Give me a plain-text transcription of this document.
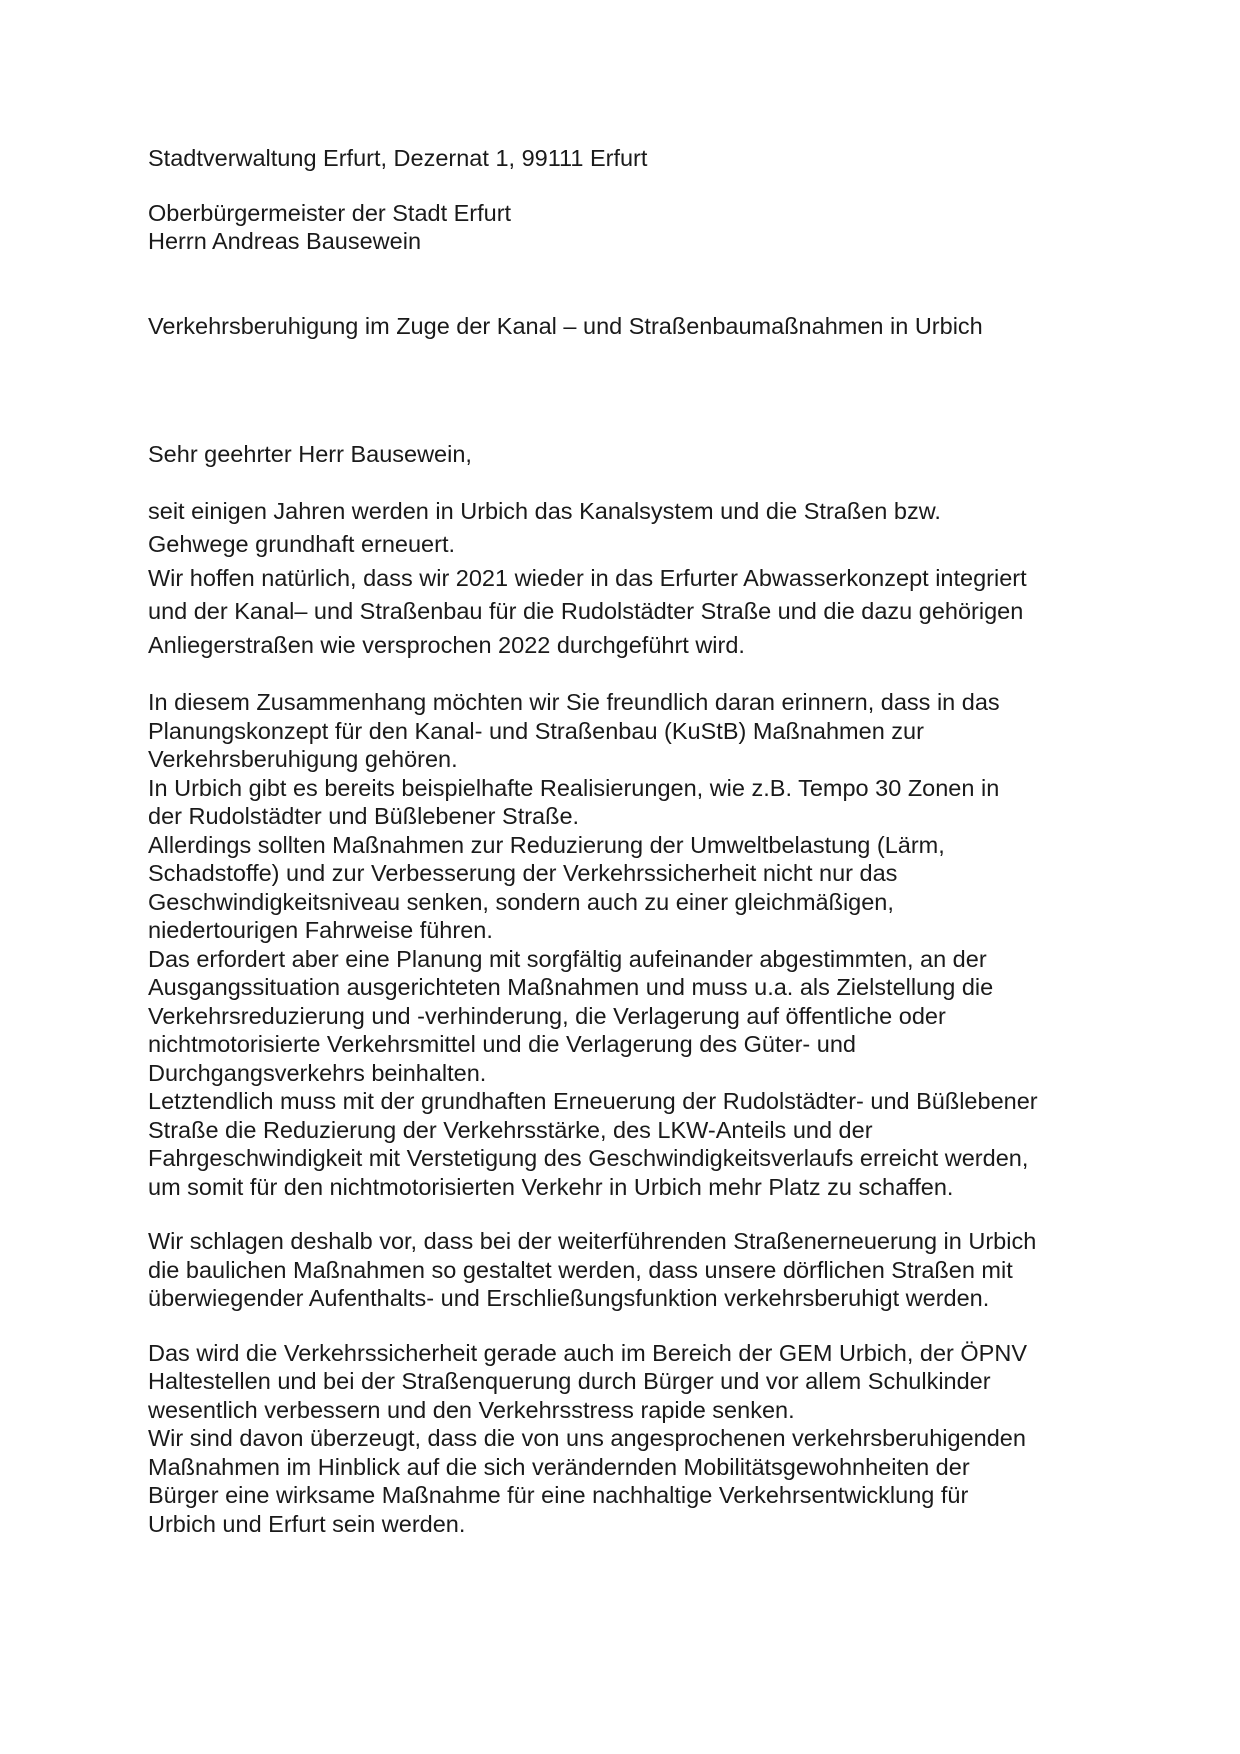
Stadtverwaltung Erfurt, Dezernat 1, 99111 Erfurt
Oberbürgermeister der Stadt Erfurt
Herrn Andreas Bausewein
Verkehrsberuhigung im Zuge der Kanal – und Straßenbaumaßnahmen in Urbich
Sehr geehrter Herr Bausewein,
seit einigen Jahren werden in Urbich das Kanalsystem und die Straßen bzw.
Gehwege grundhaft erneuert.
Wir hoffen natürlich, dass wir 2021 wieder in das Erfurter Abwasserkonzept integriert
und der Kanal– und Straßenbau für die Rudolstädter Straße und die dazu gehörigen
Anliegerstraßen wie versprochen 2022 durchgeführt wird.
In diesem Zusammenhang möchten wir Sie freundlich daran erinnern, dass in das
Planungskonzept für den Kanal- und Straßenbau (KuStB) Maßnahmen zur
Verkehrsberuhigung gehören.
In Urbich gibt es bereits beispielhafte Realisierungen, wie z.B. Tempo 30 Zonen in
der Rudolstädter und Büßlebener Straße.
Allerdings sollten Maßnahmen zur Reduzierung der Umweltbelastung (Lärm,
Schadstoffe) und zur Verbesserung der Verkehrssicherheit nicht nur das
Geschwindigkeitsniveau senken, sondern auch zu einer gleichmäßigen,
niedertourigen Fahrweise führen.
Das erfordert aber eine Planung mit sorgfältig aufeinander abgestimmten, an der
Ausgangssituation ausgerichteten Maßnahmen und muss u.a. als Zielstellung die
Verkehrsreduzierung und -verhinderung, die Verlagerung auf öffentliche oder
nichtmotorisierte Verkehrsmittel und die Verlagerung des Güter- und
Durchgangsverkehrs beinhalten.
Letztendlich muss mit der grundhaften Erneuerung der Rudolstädter- und Büßlebener
Straße die Reduzierung der Verkehrsstärke, des LKW-Anteils und der
Fahrgeschwindigkeit mit Verstetigung des Geschwindigkeitsverlaufs erreicht werden,
um somit für den nichtmotorisierten Verkehr in Urbich mehr Platz zu schaffen.
Wir schlagen deshalb vor, dass bei der weiterführenden Straßenerneuerung in Urbich
die baulichen Maßnahmen so gestaltet werden, dass unsere dörflichen Straßen mit
überwiegender Aufenthalts- und Erschließungsfunktion verkehrsberuhigt werden.
Das wird die Verkehrssicherheit gerade auch im Bereich der GEM Urbich, der ÖPNV
Haltestellen und bei der Straßenquerung durch Bürger und vor allem Schulkinder
wesentlich verbessern und den Verkehrsstress rapide senken.
Wir sind davon überzeugt, dass die von uns angesprochenen verkehrsberuhigenden
Maßnahmen im Hinblick auf die sich verändernden Mobilitätsgewohnheiten der
Bürger eine wirksame Maßnahme für eine nachhaltige Verkehrsentwicklung für
Urbich und Erfurt sein werden.
